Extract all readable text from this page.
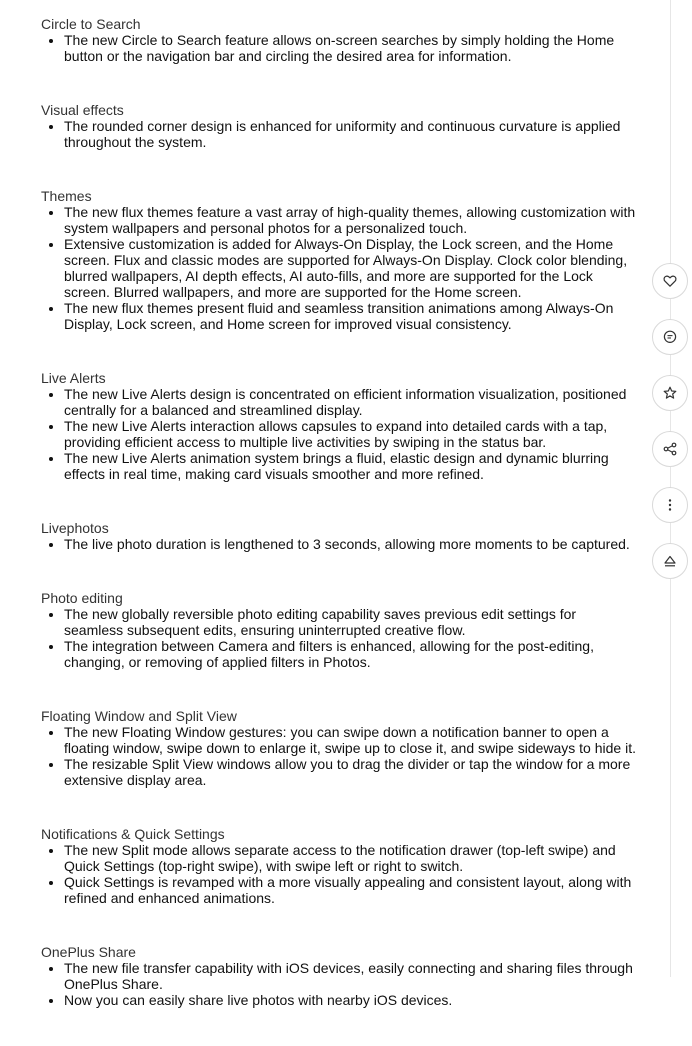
Circle to Search
• The new Circle to Search feature allows on-screen searches by simply holding the Home button or the navigation bar and circling the desired area for information.
Visual effects
• The rounded corner design is enhanced for uniformity and continuous curvature is applied throughout the system.
Themes
• The new flux themes feature a vast array of high-quality themes, allowing customization with system wallpapers and personal photos for a personalized touch.
• Extensive customization is added for Always-On Display, the Lock screen, and the Home screen. Flux and classic modes are supported for Always-On Display. Clock color blending, blurred wallpapers, AI depth effects, AI auto-fills, and more are supported for the Lock screen. Blurred wallpapers, and more are supported for the Home screen.
• The new flux themes present fluid and seamless transition animations among Always-On Display, Lock screen, and Home screen for improved visual consistency.
Live Alerts
• The new Live Alerts design is concentrated on efficient information visualization, positioned centrally for a balanced and streamlined display.
• The new Live Alerts interaction allows capsules to expand into detailed cards with a tap, providing efficient access to multiple live activities by swiping in the status bar.
• The new Live Alerts animation system brings a fluid, elastic design and dynamic blurring effects in real time, making card visuals smoother and more refined.
Livephotos
• The live photo duration is lengthened to 3 seconds, allowing more moments to be captured.
Photo editing
• The new globally reversible photo editing capability saves previous edit settings for seamless subsequent edits, ensuring uninterrupted creative flow.
• The integration between Camera and filters is enhanced, allowing for the post-editing, changing, or removing of applied filters in Photos.
Floating Window and Split View
• The new Floating Window gestures: you can swipe down a notification banner to open a floating window, swipe down to enlarge it, swipe up to close it, and swipe sideways to hide it.
• The resizable Split View windows allow you to drag the divider or tap the window for a more extensive display area.
Notifications & Quick Settings
• The new Split mode allows separate access to the notification drawer (top-left swipe) and Quick Settings (top-right swipe), with swipe left or right to switch.
• Quick Settings is revamped with a more visually appealing and consistent layout, along with refined and enhanced animations.
OnePlus Share
• The new file transfer capability with iOS devices, easily connecting and sharing files through OnePlus Share.
• Now you can easily share live photos with nearby iOS devices.
